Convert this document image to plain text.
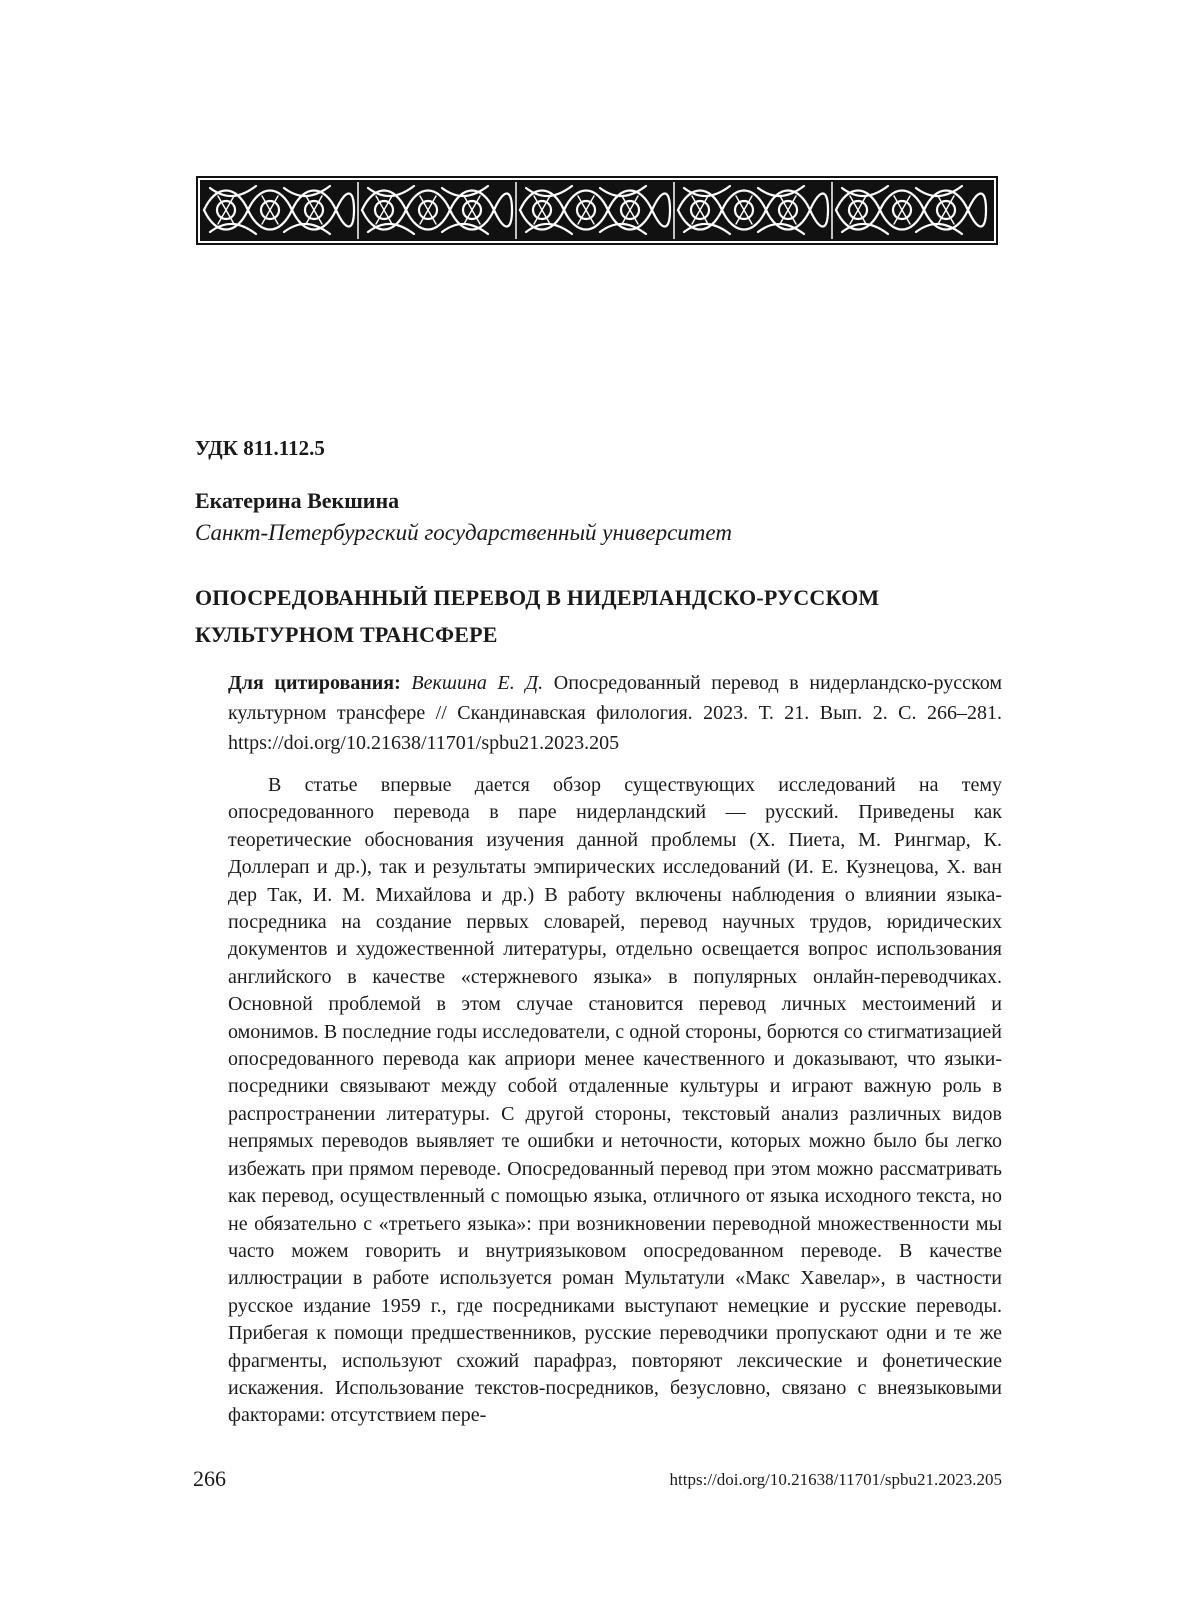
УДК 811.112.5
Екатерина Векшина
Санкт-Петербургский государственный университет
ОПОСРЕДОВАННЫЙ ПЕРЕВОД В НИДЕРЛАНДСКО-РУССКОМ
КУЛЬТУРНОМ ТРАНСФЕРЕ
Для цитирования: Векшина Е. Д. Опосредованный перевод в нидерландско-русском культурном трансфере // Скандинавская филология. 2023. Т. 21. Вып. 2. С. 266–281. https://doi.org/10.21638/11701/spbu21.2023.205

В статье впервые дается обзор существующих исследований на тему опосредованного перевода в паре нидерландский — русский. Приведены как теоретические обоснования изучения данной проблемы (Х. Пиета, М. Рингмар, К. Доллерап и др.), так и результаты эмпирических исследований (И. Е. Кузнецова, Х. ван дер Так, И. М. Михайлова и др.) В работу включены наблюдения о влиянии языка-посредника на создание первых словарей, перевод научных трудов, юридических документов и художественной литературы, отдельно освещается вопрос использования английского в качестве «стержневого языка» в популярных онлайн-переводчиках. Основной проблемой в этом случае становится перевод личных местоимений и омонимов. В последние годы исследователи, с одной стороны, борются со стигматизацией опосредованного перевода как априори менее качественного и доказывают, что языки-посредники связывают между собой отдаленные культуры и играют важную роль в распространении литературы. С другой стороны, текстовый анализ различных видов непрямых переводов выявляет те ошибки и неточности, которых можно было бы легко избежать при прямом переводе. Опосредованный перевод при этом можно рассматривать как перевод, осуществленный с помощью языка, отличного от языка исходного текста, но не обязательно с «третьего языка»: при возникновении переводной множественности мы часто можем говорить и внутриязыковом опосредованном переводе. В качестве иллюстрации в работе используется роман Мультатули «Макс Хавелар», в частности русское издание 1959 г., где посредниками выступают немецкие и русские переводы. Прибегая к помощи предшественников, русские переводчики пропускают одни и те же фрагменты, используют схожий парафраз, повторяют лексические и фонетические искажения. Использование текстов-посредников, безусловно, связано с внеязыковыми факторами: отсутствием пере-

266	https://doi.org/10.21638/11701/spbu21.2023.205
